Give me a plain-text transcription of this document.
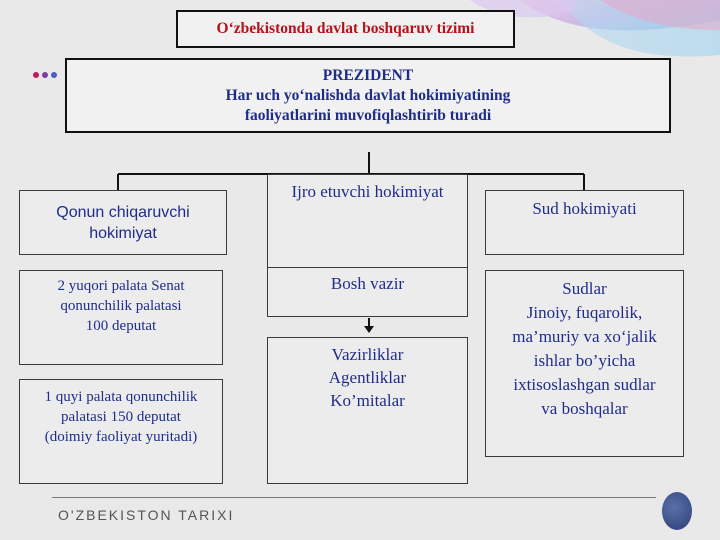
O‘zbekistonda davlat boshqaruv tizimi
PREZIDENT
Har uch yo‘nalishda davlat hokimiyatining
faoliyatlarini muvofiqlashtirib turadi
Qonun chiqaruvchi
hokimiyat
Ijro etuvchi hokimiyat
Sud hokimiyati
2 yuqori palata Senat
qonunchilik palatasi
100 deputat
Bosh vazir
1 quyi palata qonunchilik
palatasi 150 deputat
(doimiy faoliyat yuritadi)
Vazirliklar
Agentliklar
Ko’mitalar
Sudlar
Jinoiy, fuqarolik,
ma’muriy va xo‘jalik
ishlar bo’yicha
ixtisoslashgan sudlar
va boshqalar
O'ZBEKISTON TARIXI
